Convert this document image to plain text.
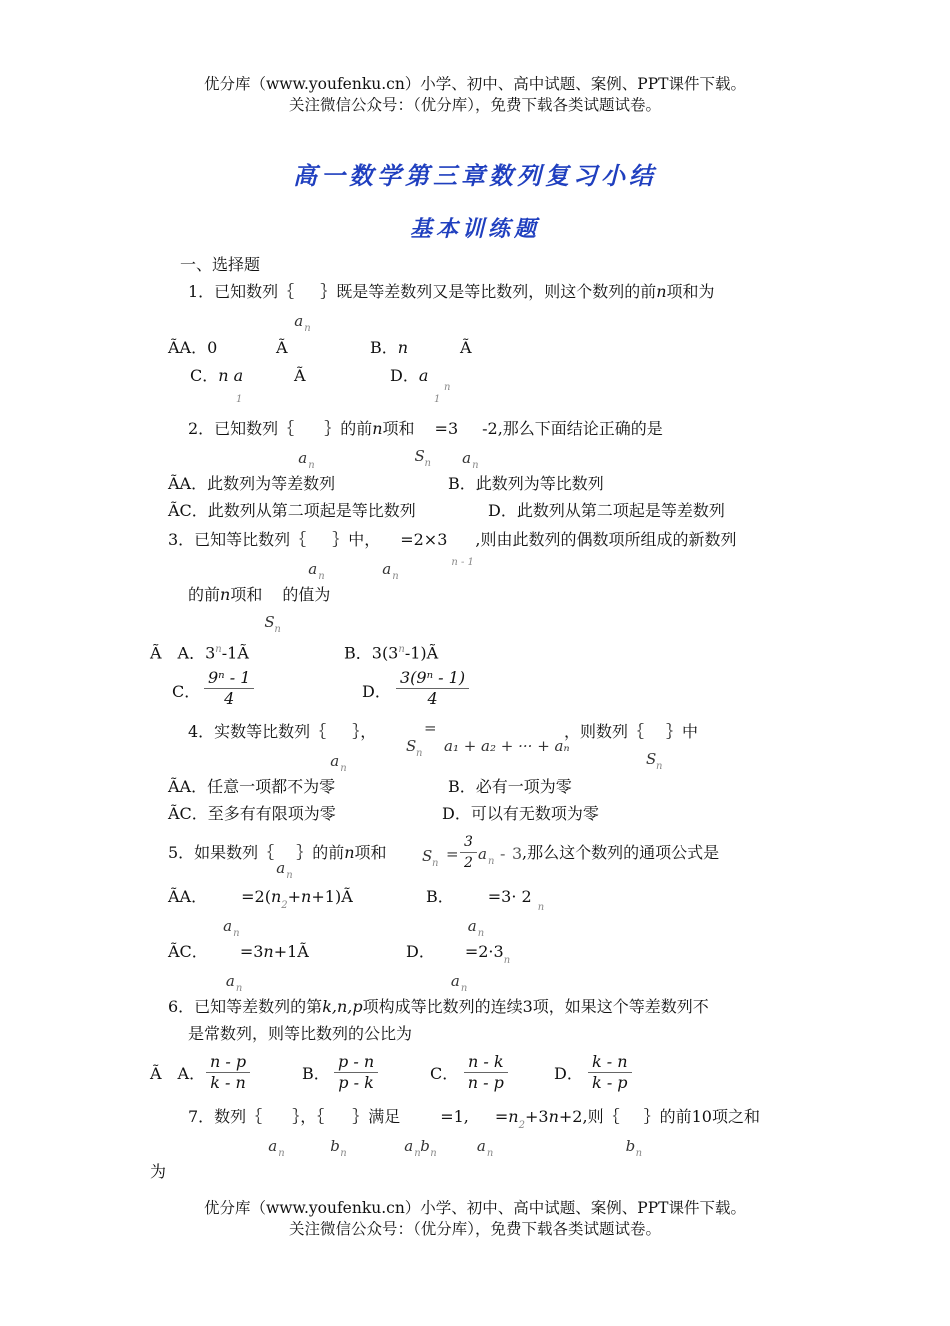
优分库（www.youfenku.cn）小学、初中、高中试题、案例、PPT课件下载。
关注微信公众号：（优分库），免费下载各类试题试卷。
高一数学第三章数列复习小结
基本训练题
一、选择题
1．已知数列｛
a n
｝既是等差数列又是等比数列，则这个数列的前n项和为
ÃA．0	Ã	B．n	Ã
C．n a
1
Ã	D．a
1
n
2．已知数列｛
a n
｝的前n项和
S n
=3
a n
-2,那么下面结论正确的是
ÃA．此数列为等差数列	B．此数列为等比数列
ÃC．此数列从第二项起是等比数列	D．此数列从第二项起是等差数列
3．已知等比数列｛
a n
｝中，
a n
=2×3
n - 1
,则由此数列的偶数项所组成的新数列
的前n项和
S n
的值为
Ã　A．3$^n$-1Ã	B．3(3$^n$-1)Ã
C． $\frac{\text{9ⁿ - 1}}{4}$	D． $\frac{\text{3(9ⁿ - 1)}}{4}$
4．实数等比数列｛
a n
｝，	=
S n a₁ + a₂ + ··· + aₙ
，则数列｛
S n
｝中
ÃA．任意一项都不为零	B．必有一项为零
ÃC．至多有有限项为零	D．可以有无数项为零
5．如果数列｛
a n
｝的前n项和 S n
= $\frac{3}{2}$ a n - 3 ,那么这个数列的通项公式是
ÃA．
a n
$=2(n_2+n+1)Ã$	B．
a n
$=3\cdot 2_n$
ÃC．
a n
=3n+1Ã	D．
a n
$=2\cdot 3_n$
6．已知等差数列的第k,n,p项构成等比数列的连续3项，如果这个等差数列不
是常数列，则等比数列的公比为
Ã　A． $\frac{n - p}{k - n}$	B． $\frac{p - n}{p - k}$	C． $\frac{n - k}{n - p}$	D． $\frac{k - n}{k - p}$
7．数列｛
a n
｝，｛
b n
｝满足
a n b n
=1,
a n
$=n_2+3n+2$,则｛
b n
｝的前10项之和
为
优分库（www.youfenku.cn）小学、初中、高中试题、案例、PPT课件下载。
关注微信公众号：（优分库），免费下载各类试题试卷。
